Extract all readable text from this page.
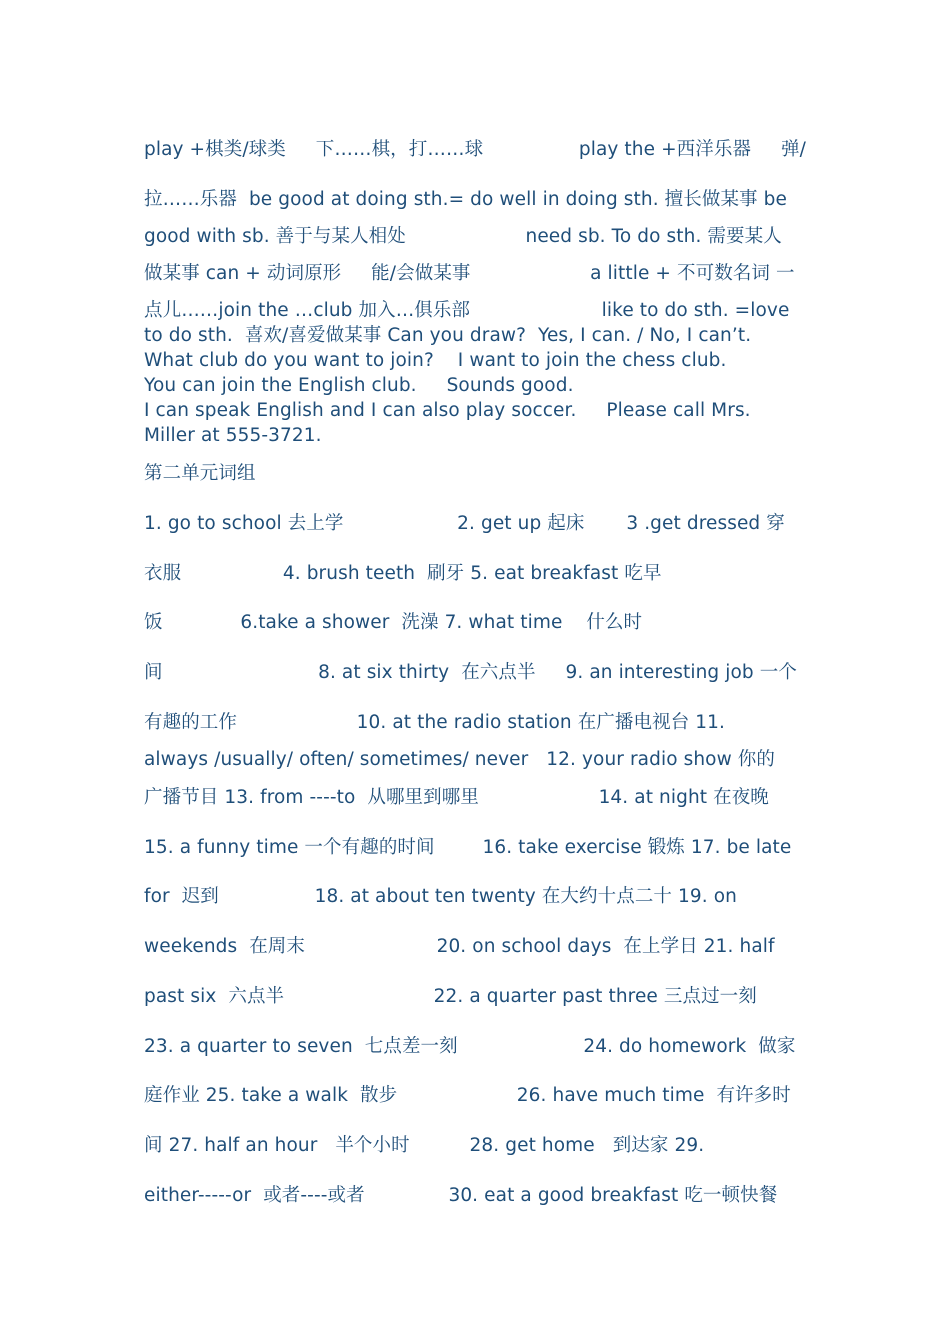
play +棋类/球类     下……棋，打……球                play the +西洋乐器     弹/
拉……乐器  be good at doing sth.= do well in doing sth. 擅长做某事 be
good with sb. 善于与某人相处                    need sb. To do sth. 需要某人
做某事 can + 动词原形     能/会做某事                    a little + 不可数名词 一
点儿……join the …club 加入…俱乐部                      like to do sth. =love
to do sth.  喜欢/喜爱做某事 Can you draw?  Yes, I can. / No, I can’t.
What club do you want to join?    I want to join the chess club.
You can join the English club.     Sounds good.
I can speak English and I can also play soccer.     Please call Mrs.
Miller at 555-3721.
第二单元词组
1. go to school 去上学                   2. get up 起床       3 .get dressed 穿
衣服                 4. brush teeth  刷牙 5. eat breakfast 吃早
饭             6.take a shower  洗澡 7. what time    什么时
间                          8. at six thirty  在六点半     9. an interesting job 一个
有趣的工作                    10. at the radio station 在广播电视台 11.
always /usually/ often/ sometimes/ never   12. your radio show 你的
广播节目 13. from ----to  从哪里到哪里                    14. at night 在夜晚
15. a funny time 一个有趣的时间        16. take exercise 锻炼 17. be late
for  迟到                18. at about ten twenty 在大约十点二十 19. on
weekends  在周末                      20. on school days  在上学日 21. half
past six  六点半                         22. a quarter past three 三点过一刻
23. a quarter to seven  七点差一刻                     24. do homework  做家
庭作业 25. take a walk  散步                    26. have much time  有许多时
间 27. half an hour   半个小时          28. get home   到达家 29.
either-----or  或者----或者              30. eat a good breakfast 吃一顿快餐
